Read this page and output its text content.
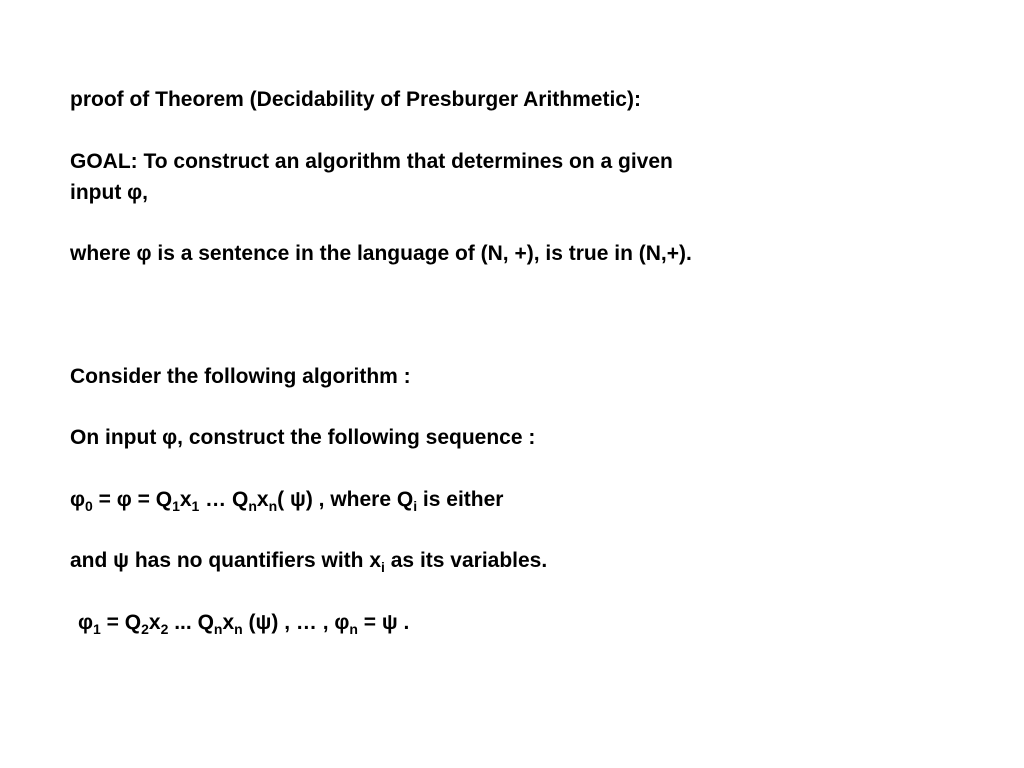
proof of Theorem (Decidability of Presburger Arithmetic):

GOAL: To construct an algorithm that determines on a given

input φ,

where φ is a sentence in the language of (N, +), is true in (N,+).

Consider the following algorithm :

On input φ, construct the following sequence :

$\varphi_0 = \varphi = Q_1x_1$ … $Q_nx_n$( ψ) , where $Q_i$ is either

and ψ has no quantifiers with $x_i$ as its variables.

$\varphi_1 = Q_2x_2$ ... $Q_nx_n$ (ψ) , … , $\varphi_n = \psi$ .
